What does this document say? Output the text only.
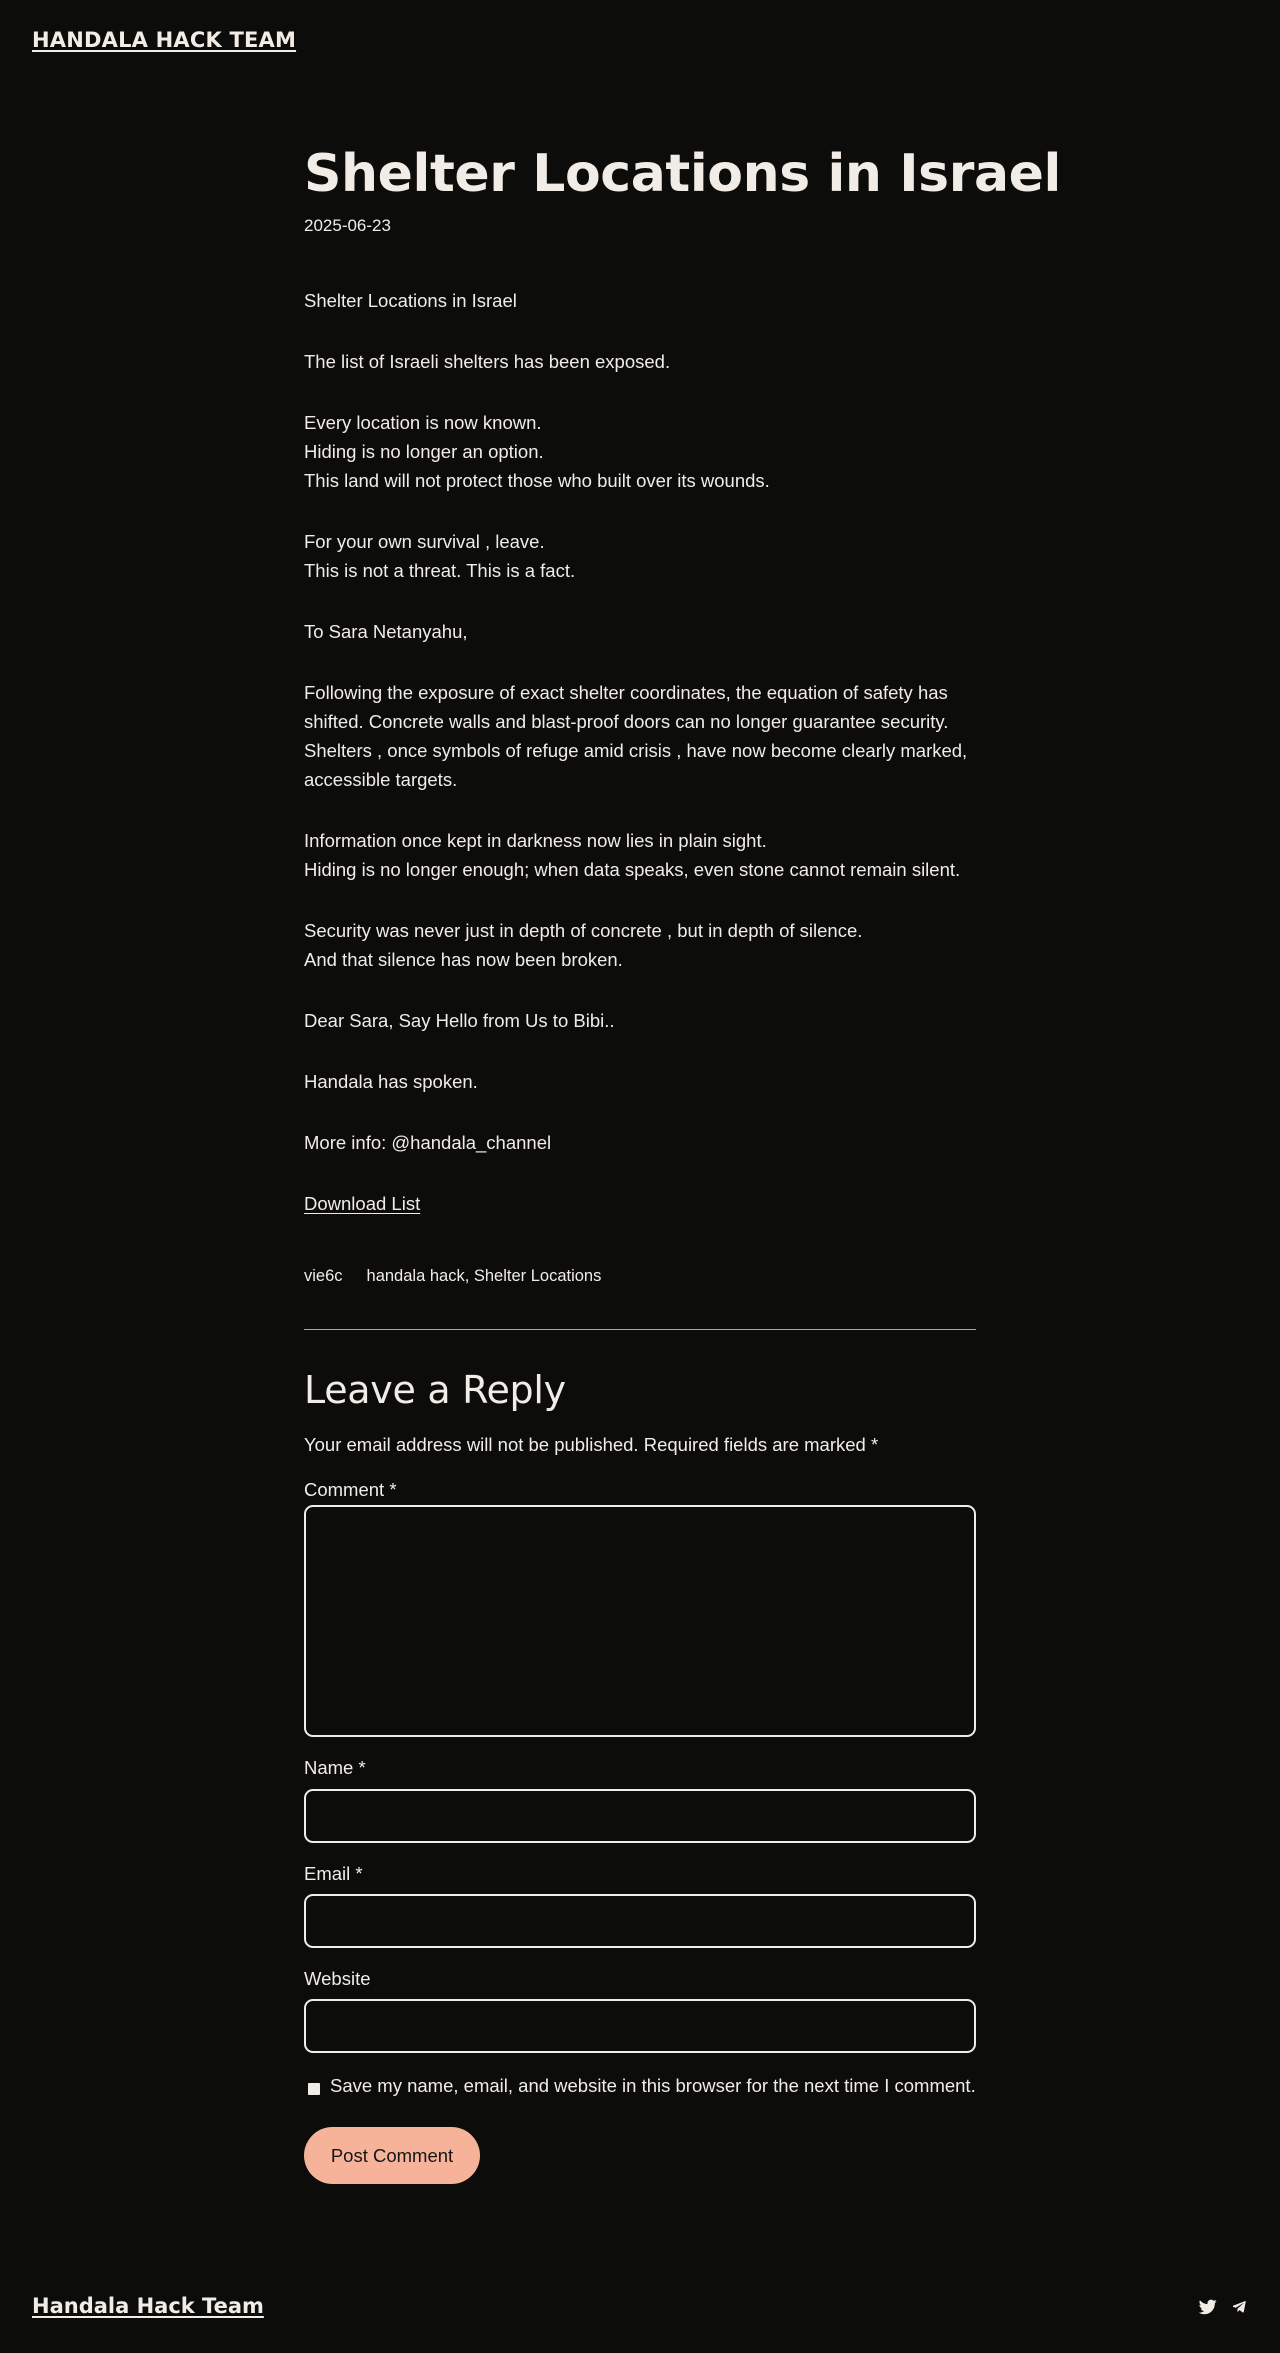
HANDALA HACK TEAM
Shelter Locations in Israel
2025-06-23

Shelter Locations in Israel

The list of Israeli shelters has been exposed.

Every location is now known.
Hiding is no longer an option.
This land will not protect those who built over its wounds.

For your own survival , leave.
This is not a threat. This is a fact.

To Sara Netanyahu,

Following the exposure of exact shelter coordinates, the equation of safety has shifted. Concrete walls and blast-proof doors can no longer guarantee security. Shelters , once symbols of refuge amid crisis , have now become clearly marked, accessible targets.

Information once kept in darkness now lies in plain sight.
Hiding is no longer enough; when data speaks, even stone cannot remain silent.

Security was never just in depth of concrete , but in depth of silence.
And that silence has now been broken.

Dear Sara, Say Hello from Us to Bibi..

Handala has spoken.

More info: @handala_channel

Download List

vie6c handala hack, Shelter Locations
Leave a Reply
Your email address will not be published. Required fields are marked *
Comment *
Name *
Email *
Website
Save my name, email, and website in this browser for the next time I comment.
Post Comment
Handala Hack Team
